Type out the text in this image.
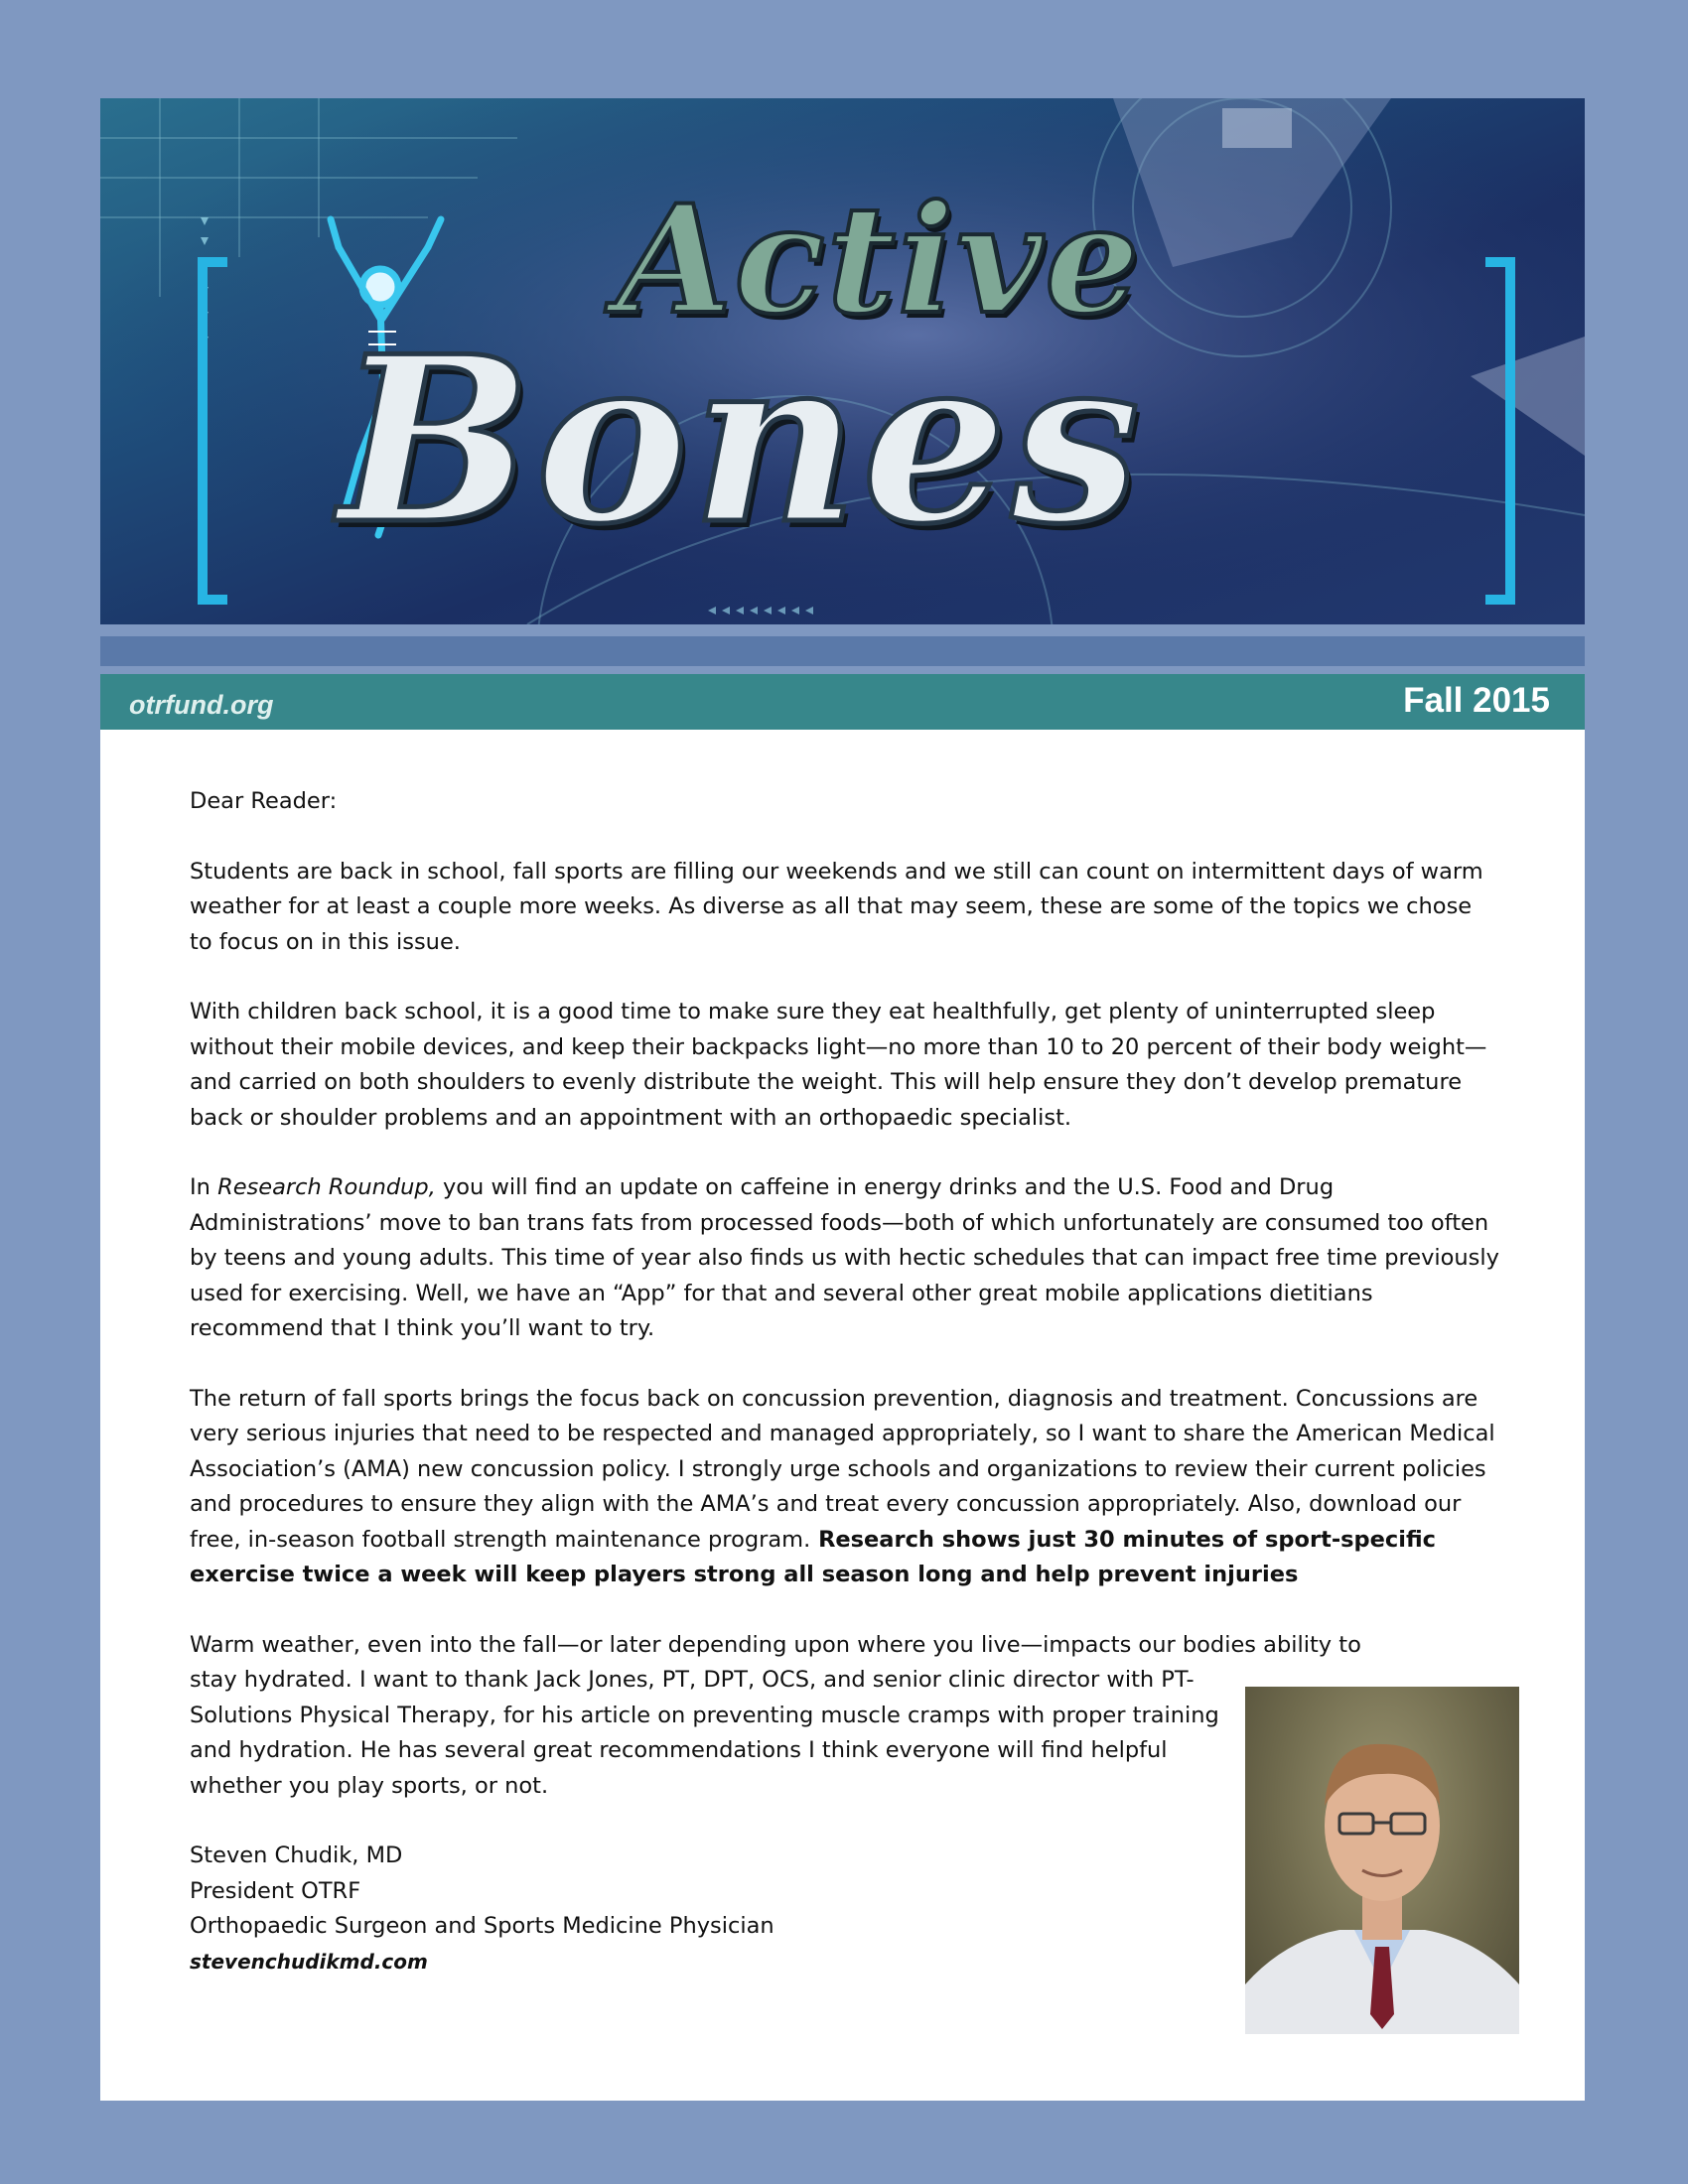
Active
Bones
otrfund.org	Fall 2015

Dear Reader:

Students are back in school, fall sports are filling our weekends and we still can count on intermittent days of warm weather for at least a couple more weeks. As diverse as all that may seem, these are some of the topics we chose to focus on in this issue.

With children back school, it is a good time to make sure they eat healthfully, get plenty of uninterrupted sleep without their mobile devices, and keep their backpacks light—no more than 10 to 20 percent of their body weight—and carried on both shoulders to evenly distribute the weight. This will help ensure they don’t develop premature back or shoulder problems and an appointment with an orthopaedic specialist.

In Research Roundup, you will find an update on caffeine in energy drinks and the U.S. Food and Drug Administrations’ move to ban trans fats from processed foods—both of which unfortunately are consumed too often by teens and young adults. This time of year also finds us with hectic schedules that can impact free time previously used for exercising. Well, we have an “App” for that and several other great mobile applications dietitians recommend that I think you’ll want to try.

The return of fall sports brings the focus back on concussion prevention, diagnosis and treatment. Concussions are very serious injuries that need to be respected and managed appropriately, so I want to share the American Medical Association’s (AMA) new concussion policy. I strongly urge schools and organizations to review their current policies and procedures to ensure they align with the AMA’s and treat every concussion appropriately. Also, download our free, in-season football strength maintenance program. Research shows just 30 minutes of sport-specific exercise twice a week will keep players strong all season long and help prevent injuries

Warm weather, even into the fall—or later depending upon where you live—impacts our bodies ability to
stay hydrated. I want to thank Jack Jones, PT, DPT, OCS, and senior clinic director with PT-Solutions Physical Therapy, for his article on preventing muscle cramps with proper training and hydration. He has several great recommendations I think everyone will find helpful whether you play sports, or not.

Steven Chudik, MD

President OTRF

Orthopaedic Surgeon and Sports Medicine Physician

stevenchudikmd.com
